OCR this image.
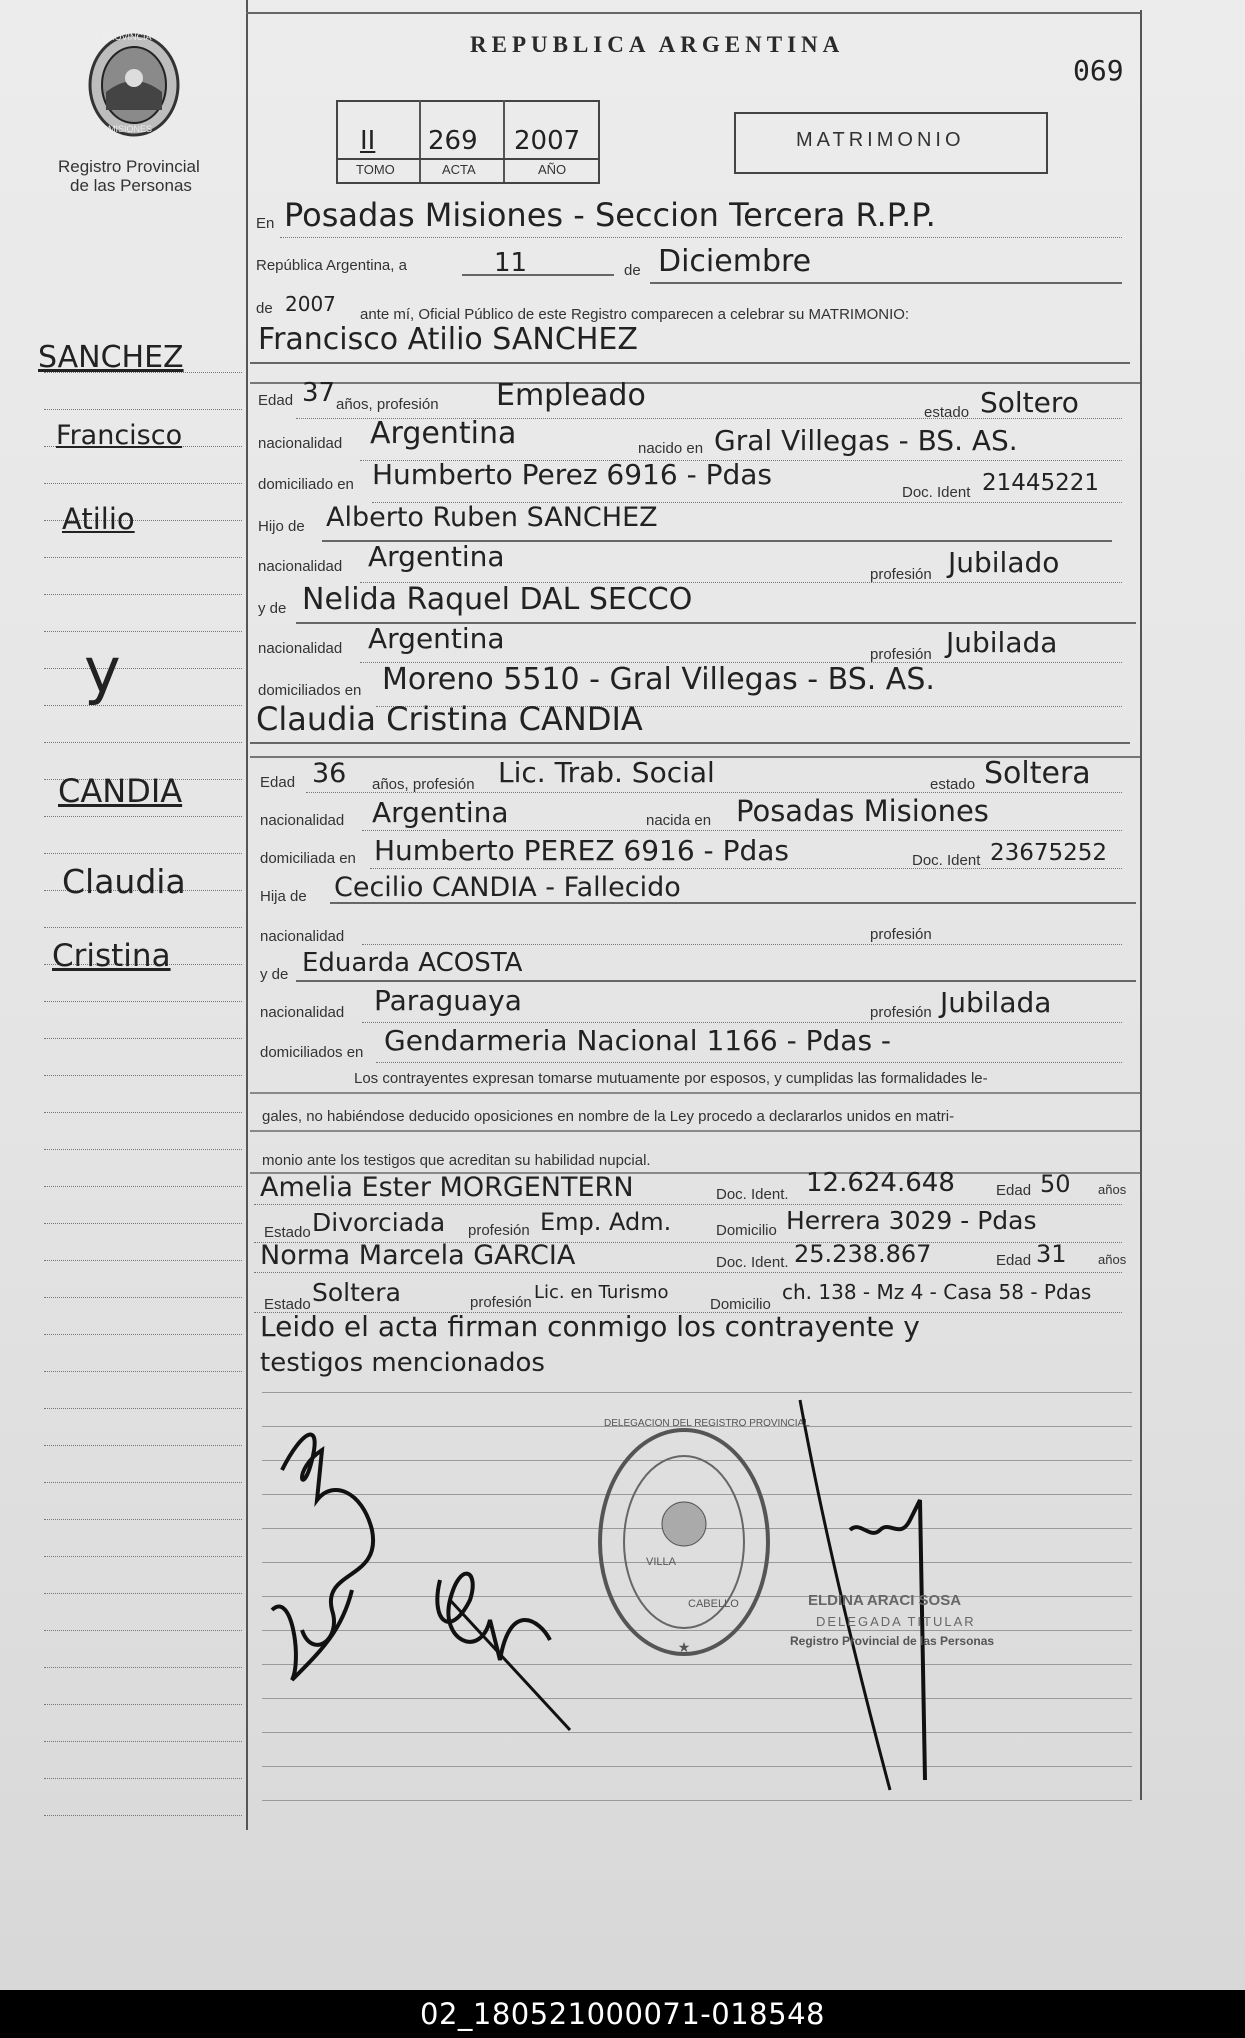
PROVINCIA
MISIONES
Registro Provincial
de las Personas
REPUBLICA ARGENTINA
069
II 269 2007
TOMO	ACTA	AÑO
MATRIMONIO
SANCHEZ
Francisco
Atilio
y
CANDIA
Claudia
Cristina
En Posadas Misiones - Seccion Tercera R.P.P.
República Argentina, a	11	de Diciembre
de 2007 ante mí, Oficial Público de este Registro comparecen a celebrar su MATRIMONIO:
Francisco Atilio SANCHEZ
Edad 37 años, profesión Empleado	estado Soltero
nacionalidad Argentina	nacido en Gral Villegas - BS. AS.
domiciliado en Humberto Perez 6916 - Pdas
Doc. Ident 21445221
Hijo de Alberto Ruben SANCHEZ
nacionalidad Argentina
profesión Jubilado
y de Nelida Raquel DAL SECCO
nacionalidad Argentina	profesión Jubilada
domiciliados en Moreno 5510 - Gral Villegas - BS. AS.
Claudia Cristina CANDIA
Edad 36 años, profesión Lic. Trab. Social	estado Soltera
nacionalidad Argentina	nacida en Posadas Misiones
domiciliada en Humberto PEREZ 6916 - Pdas	Doc. Ident 23675252
Hija de Cecilio CANDIA - Fallecido
nacionalidad	profesión
y de Eduarda ACOSTA
nacionalidad Paraguaya	profesión Jubilada
domiciliados en Gendarmeria Nacional 1166 - Pdas -
Los contrayentes expresan tomarse mutuamente por esposos, y cumplidas las formalidades le-
gales, no habiéndose deducido oposiciones en nombre de la Ley procedo a declararlos unidos en matri-
monio ante los testigos que acreditan su habilidad nupcial.
Amelia Ester MORGENTERN	Doc. Ident. 12.624.648	Edad 50 años
Estado Divorciada profesión Emp. Adm.	Domicilio Herrera 3029 - Pdas
Norma Marcela GARCIA	Doc. Ident. 25.238.867	Edad 31 años
Estado Soltera	profesión Lic. en Turismo
Domicilio
ch. 138 - Mz 4 - Casa 58 - Pdas
Leido el acta firman conmigo los contrayente y
testigos mencionados
★
DELEGACION DEL REGISTRO PROVINCIAL
VILLA
CABELLO	ELDINA ARACI SOSA
DELEGADA TITULAR
Registro Provincial de las Personas
02_180521000071-018548
